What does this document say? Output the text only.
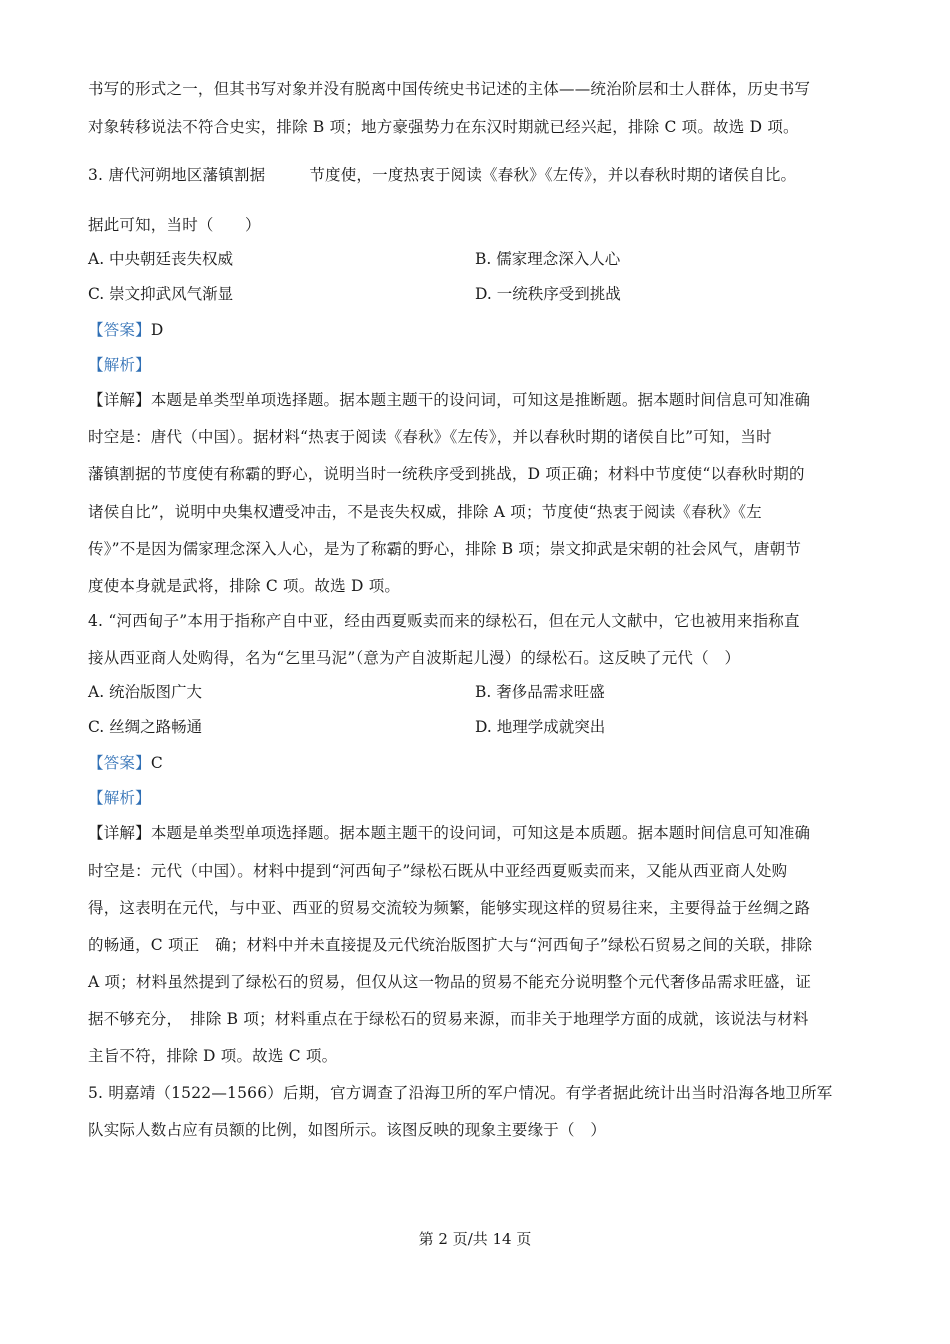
书写的形式之一，但其书写对象并没有脱离中国传统史书记述的主体——统治阶层和士人群体，历史书写
对象转移说法不符合史实，排除 B 项；地方豪强势力在东汉时期就已经兴起，排除 C 项。故选 D 项。
3. 唐代河朔地区藩镇割据	节度使，一度热衷于阅读《春秋》《左传》，并以春秋时期的诸侯自比。
据此可知，当时（　　）
A. 中央朝廷丧失权威	B. 儒家理念深入人心
C. 崇文抑武风气渐显	D. 一统秩序受到挑战
【答案】D
【解析】
【详解】本题是单类型单项选择题。据本题主题干的设问词，可知这是推断题。据本题时间信息可知准确
时空是：唐代（中国）。据材料“热衷于阅读《春秋》《左传》，并以春秋时期的诸侯自比”可知，当时
藩镇割据的节度使有称霸的野心，说明当时一统秩序受到挑战，D 项正确；材料中节度使“以春秋时期的
诸侯自比”，说明中央集权遭受冲击，不是丧失权威，排除 A 项；节度使“热衷于阅读《春秋》《左
传》”不是因为儒家理念深入人心，是为了称霸的野心，排除 B 项；崇文抑武是宋朝的社会风气，唐朝节
度使本身就是武将，排除 C 项。故选 D 项。
4. “河西甸子”本用于指称产自中亚，经由西夏贩卖而来的绿松石，但在元人文献中，它也被用来指称直
接从西亚商人处购得，名为“乞里马泥”（意为产自波斯起儿漫）的绿松石。这反映了元代（　）
A. 统治版图广大	B. 奢侈品需求旺盛
C. 丝绸之路畅通	D. 地理学成就突出
【答案】C
【解析】
【详解】本题是单类型单项选择题。据本题主题干的设问词，可知这是本质题。据本题时间信息可知准确
时空是：元代（中国）。材料中提到“河西甸子”绿松石既从中亚经西夏贩卖而来，又能从西亚商人处购
得，这表明在元代，与中亚、西亚的贸易交流较为频繁，能够实现这样的贸易往来，主要得益于丝绸之路
的畅通，C 项正　确；材料中并未直接提及元代统治版图扩大与“河西甸子”绿松石贸易之间的关联，排除
A 项；材料虽然提到了绿松石的贸易，但仅从这一物品的贸易不能充分说明整个元代奢侈品需求旺盛，证
据不够充分，　排除 B 项；材料重点在于绿松石的贸易来源，而非关于地理学方面的成就，该说法与材料
主旨不符，排除 D 项。故选 C 项。
5. 明嘉靖（1522—1566）后期，官方调查了沿海卫所的军户情况。有学者据此统计出当时沿海各地卫所军
队实际人数占应有员额的比例，如图所示。该图反映的现象主要缘于（　）
第 2 页/共 14 页
